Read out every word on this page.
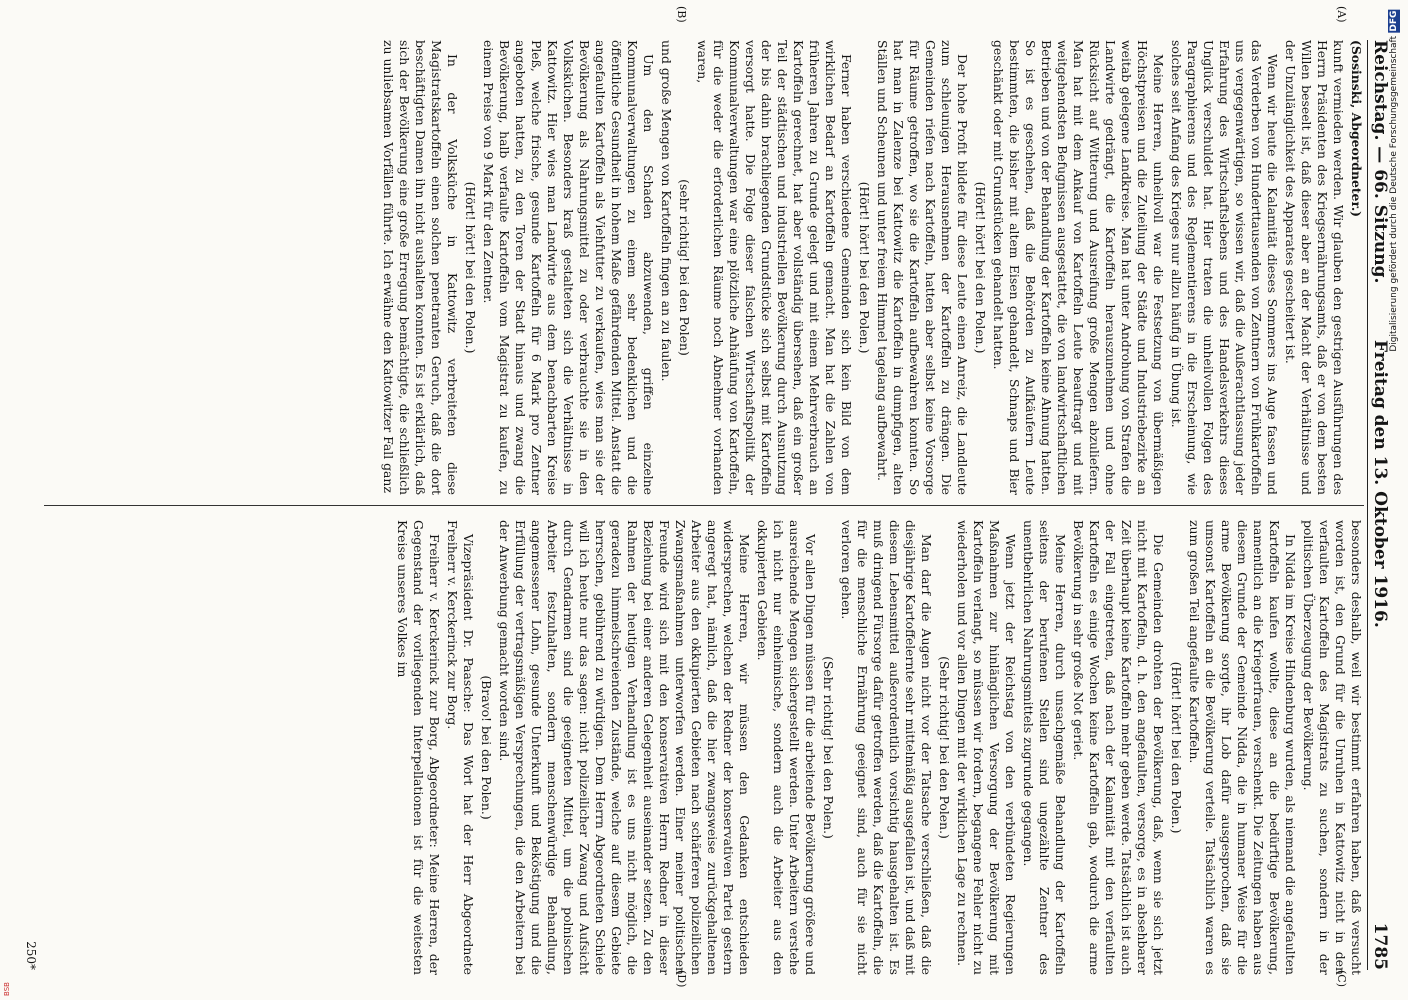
Reichstag. — 66. Sitzung.
Freitag den 13. Oktober 1916.
1785
(A)
(B)
(C)
(D)

(Sosinski, Abgeordneter.)

kunft vermieden werden. Wir glauben den gestrigen Ausführungen des Herrn Präsidenten des Kriegsernährungsamts, daß er von dem besten Willen beseelt ist, daß dieser aber an der Macht der Verhältnisse und der Unzulänglichkeit des Apparates gescheitert ist.

Wenn wir heute die Kalamität dieses Sommers ins Auge fassen und das Verderben von Hunderttausenden von Zentnern von Frühkartoffeln uns vergegenwärtigen, so wissen wir, daß die Außerachtlassung jeder Erfahrung des Wirtschaftslebens und des Handelsverkehrs dieses Unglück verschuldet hat. Hier traten die unheilvollen Folgen des Paragraphierens und des Reglementierens in die Erscheinung, wie solches seit Anfang des Krieges nur allzu häufig in Übung ist.

Meine Herren, unheilvoll war die Festsetzung von übermäßigen Höchstpreisen und die Zuteilung der Städte und Industriebezirke an weitab gelegene Landkreise. Man hat unter Androhung von Strafen die Landwirte gedrängt, die Kartoffeln herauszunehmen und ohne Rücksicht auf Witterung und Ausreifung große Mengen abzuliefern. Man hat mit dem Ankauf von Kartoffeln Leute beauftragt und mit weitgehendsten Befugnissen ausgestattet, die von landwirtschaftlichen Betrieben und von der Behandlung der Kartoffeln keine Ahnung hatten. So ist es geschehen, daß die Behörden zu Aufkäufern Leute bestimmten, die bisher mit altem Eisen gehandelt, Schnaps und Bier geschänkt oder mit Grundstücken gehandelt hatten.

(Hört! hört! bei den Polen.)

Der hohe Profit bildete für diese Leute einen Anreiz, die Landleute zum schleunigen Herausnehmen der Kartoffeln zu drängen. Die Gemeinden riefen nach Kartoffeln, hatten aber selbst keine Vorsorge für Räume getroffen, wo sie die Kartoffeln aufbewahren konnten. So hat man in Zalenze bei Kattowitz die Kartoffeln in dumpfigen, alten Ställen und Scheunen und unter freiem Himmel tagelang aufbewahrt.

(Hört! hört! bei den Polen.)

Ferner haben verschiedene Gemeinden sich kein Bild von dem wirklichen Bedarf an Kartoffeln gemacht. Man hat die Zahlen von früheren Jahren zu Grunde gelegt und mit einem Mehrverbrauch an Kartoffeln gerechnet, hat aber vollständig übersehen, daß ein großer Teil der städtischen und industriellen Bevölkerung durch Ausnutzung der bis dahin brachliegenden Grundstücke sich selbst mit Kartoffeln versorgt hatte. Die Folge dieser falschen Wirtschaftspolitik der Kommunalverwaltungen war eine plötzliche Anhäufung von Kartoffeln, für die weder die erforderlichen Räume noch Abnehmer vorhanden waren,

(sehr richtig! bei den Polen)

und große Mengen von Kartoffeln fingen an zu faulen.

Um den Schaden abzuwenden, griffen einzelne Kommunalverwaltungen zu einem sehr bedenklichen und die öffentliche Gesundheit in hohem Maße gefährdenden Mittel. Anstatt die angefaulten Kartoffeln als Viehfutter zu verkaufen, wies man sie der Bevölkerung als Nahrungsmittel zu oder verbrauchte sie in den Volksküchen. Besonders kraß gestalteten sich die Verhältnisse in Kattowitz. Hier wies man Landwirte aus dem benachbarten Kreise Pleß, welche frische, gesunde Kartoffeln für 6 Mark pro Zentner angeboten hatten, zu den Toren der Stadt hinaus und zwang die Bevölkerung, halb verfaulte Kartoffeln vom Magistrat zu kaufen, zu einem Preise von 9 Mark für den Zentner.

(Hört! hört! bei den Polen.)

In der Volksküche in Kattowitz verbreiteten diese Magistratskartoffeln einen solchen penetranten Geruch, daß die dort beschäftigten Damen ihn nicht aushalten konnten. Es ist erklärlich, daß sich der Bevölkerung eine große Erregung bemächtigte, die schließlich zu unliebsamen Vorfällen führte. Ich erwähne den Kattowitzer Fall ganz

besonders deshalb, weil wir bestimmt erfahren haben, daß versucht worden ist, den Grund für die Unruhen in Kattowitz nicht in den verfaulten Kartoffeln des Magistrats zu suchen, sondern in der politischen Überzeugung der Bevölkerung.

In Nidda im Kreise Hindenburg wurden, als niemand die angefaulten Kartoffeln kaufen wollte, diese an die bedürftige Bevölkerung, namentlich an die Kriegerfrauen, verschenkt. Die Zeitungen haben aus diesem Grunde der Gemeinde Nidda, die in humaner Weise für die arme Bevölkerung sorgte, ihr Lob dafür ausgesprochen, daß sie umsonst Kartoffeln an die Bevölkerung verteile. Tatsächlich waren es zum großen Teil angefaulte Kartoffeln.

(Hört! hört! bei den Polen.)

Die Gemeinden drohten der Bevölkerung, daß, wenn sie sich jetzt nicht mit Kartoffeln, d. h. den angefaulten, versorge, es in absehbarer Zeit überhaupt keine Kartoffeln mehr geben werde. Tatsächlich ist auch der Fall eingetreten, daß nach der Kalamität mit den verfaulten Kartoffeln es einige Wochen keine Kartoffeln gab, wodurch die arme Bevölkerung in sehr große Not geriet.

Meine Herren, durch unsachgemäße Behandlung der Kartoffeln seitens der berufenen Stellen sind ungezählte Zentner des unentbehrlichen Nahrungsmittels zugrunde gegangen.

Wenn jetzt der Reichstag von den verbündeten Regierungen Maßnahmen zur hinlänglichen Versorgung der Bevölkerung mit Kartoffeln verlangt, so müssen wir fordern, begangene Fehler nicht zu wiederholen und vor allen Dingen mit der wirklichen Lage zu rechnen.

(Sehr richtig! bei den Polen.)

Man darf die Augen nicht vor der Tatsache verschließen, daß die diesjährige Kartoffelernte sehr mittelmäßig ausgefallen ist, und daß mit diesem Lebensmittel außerordentlich vorsichtig hausgehalten ist. Es muß dringend Fürsorge dafür getroffen werden, daß die Kartoffeln, die für die menschliche Ernährung geeignet sind, auch für sie nicht verloren gehen.

(Sehr richtig! bei den Polen.)

Vor allen Dingen müssen für die arbeitende Bevölkerung größere und ausreichende Mengen sichergestellt werden. Unter Arbeitern verstehe ich nicht nur einheimische, sondern auch die Arbeiter aus den okkupierten Gebieten.

Meine Herren, wir müssen den Gedanken entschieden widersprechen, welchen der Redner der konservativen Partei gestern angeregt hat, nämlich, daß die hier zwangsweise zurückgehaltenen Arbeiter aus den okkupierten Gebieten nach schärferen polizeilichen Zwangsmaßnahmen unterworfen werden. Einer meiner politischen Freunde wird sich mit den konservativen Herrn Redner in dieser Beziehung bei einer anderen Gelegenheit auseinander setzen. Zu den Rahmen der heutigen Verhandlung ist es uns nicht möglich, die geradezu himmelschreienden Zustände, welche auf diesem Gebiete herrschen, gebührend zu würdigen. Dem Herrn Abgeordneten Schiele will ich heute nur das sagen: nicht polizeilicher Zwang und Aufsicht durch Gendarmen sind die geeigneten Mittel, um die polnischen Arbeiter festzuhalten, sondern menschenwürdige Behandlung, angemessener Lohn, gesunde Unterkunft und Beköstigung und die Erfüllung der vertragsmäßigen Versprechungen, die den Arbeitern bei der Anwerbung gemacht worden sind.

(Bravo! bei den Polen.)

Vizepräsident Dr. Paasche: Das Wort hat der Herr Abgeordnete Freiherr v. Kerckerinck zur Borg.

Freiherr v. Kerckerinck zur Borg, Abgeordneter: Meine Herren, der Gegenstand der vorliegenden Interpellationen ist für die weitesten Kreise unseres Volkes im

250*
Digitalisierung gefördert durch die Deutsche Forschungsgemeinschaft DFG
BSB
